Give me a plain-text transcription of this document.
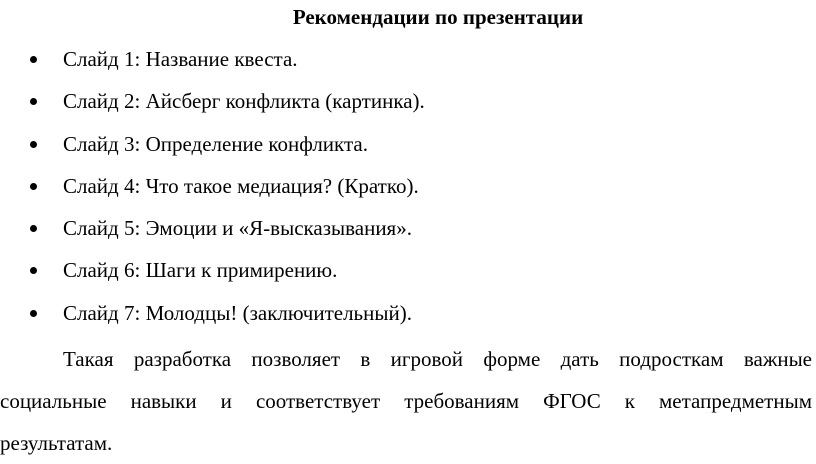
Рекомендации по презентации
Слайд 1: Название квеста.
Слайд 2: Айсберг конфликта (картинка).
Слайд 3: Определение конфликта.
Слайд 4: Что такое медиация? (Кратко).
Слайд 5: Эмоции и «Я-высказывания».
Слайд 6: Шаги к примирению.
Слайд 7: Молодцы! (заключительный).
Такая разработка позволяет в игровой форме дать подросткам важные
социальные навыки и соответствует требованиям ФГОС к метапредметным
результатам.
